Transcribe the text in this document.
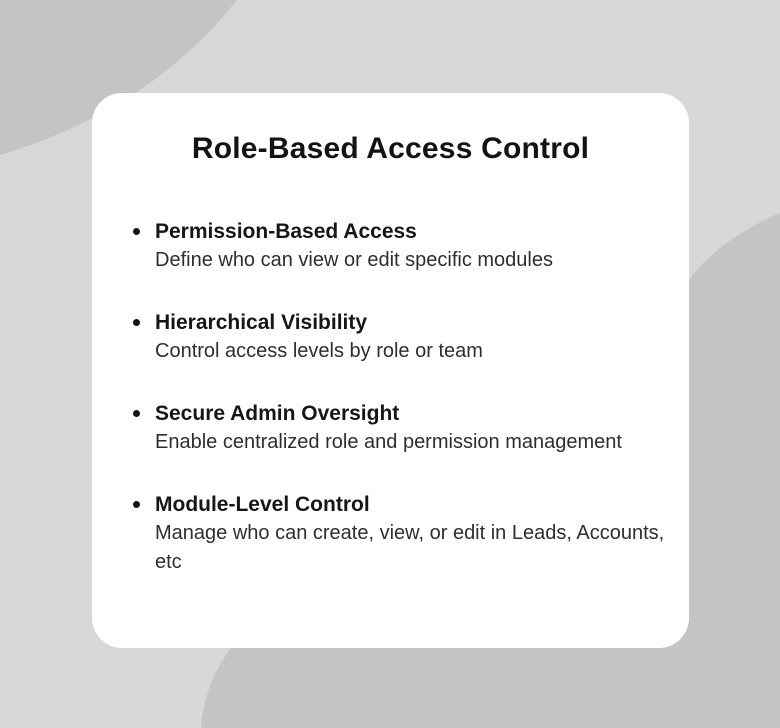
Role-Based Access Control
Permission-Based Access
Define who can view or edit specific modules
Hierarchical Visibility
Control access levels by role or team
Secure Admin Oversight
Enable centralized role and permission management
Module-Level Control
Manage who can create, view, or edit in Leads, Accounts, etc
